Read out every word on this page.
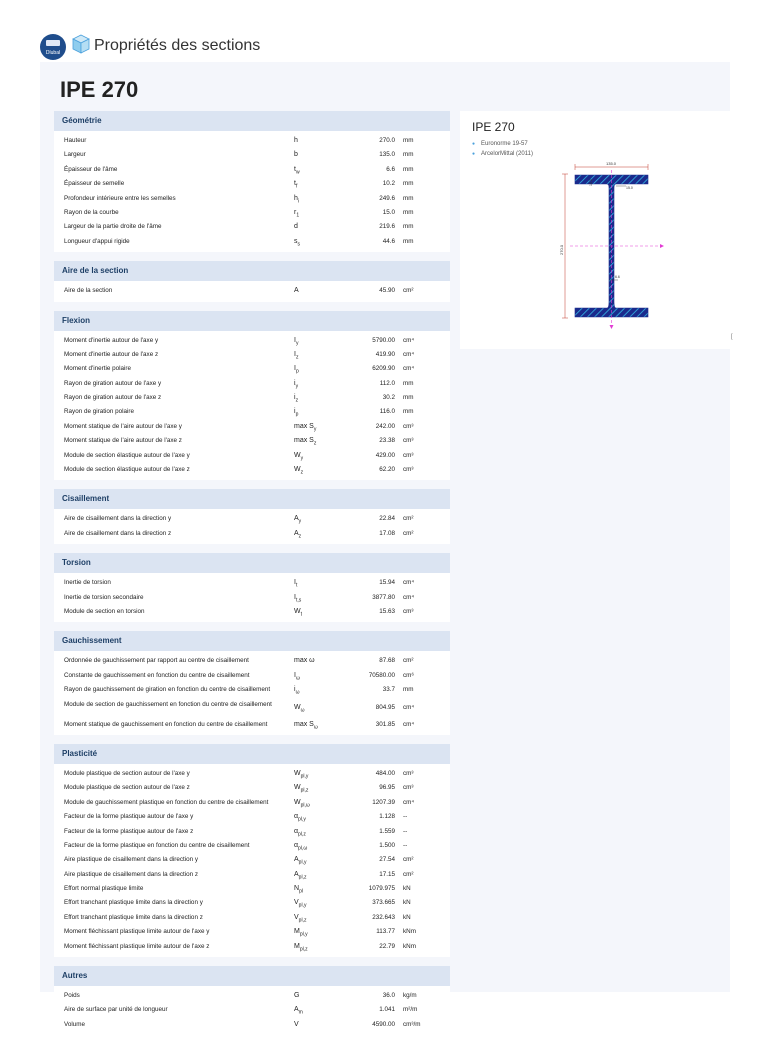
Dlubal	Propriétés des sections
IPE 270
Géométrie
Hauteur	h	270.0 mm
Largeur	b	135.0 mm
Épaisseur de l'âme	$t_w$	6.6 mm
Épaisseur de semelle	$t_f$	10.2 mm
Profondeur intérieure entre les semelles	$h_i$	249.6 mm
Rayon de la courbe	$r_1$	15.0 mm
Largeur de la partie droite de l'âme	d	219.6 mm
Longueur d'appui rigide	$s_s$	44.6 mm
Aire de la section
Aire de la section	A	45.90 cm²
Flexion
Moment d'inertie autour de l'axe y	$I_y$	5790.00 cm⁴
Moment d'inertie autour de l'axe z	$I_z$	419.90 cm⁴
Moment d'inertie polaire	$I_p$	6209.90 cm⁴
Rayon de giration autour de l'axe y	$i_y$	112.0 mm
Rayon de giration autour de l'axe z	$i_z$	30.2 mm
Rayon de giration polaire	$i_p$	116.0 mm
Moment statique de l'aire autour de l'axe y	$\max S_y$	242.00 cm³
Moment statique de l'aire autour de l'axe z	$\max S_z$	23.38 cm³
Module de section élastique autour de l'axe y	$W_y$	429.00 cm³
Module de section élastique autour de l'axe z	$W_z$	62.20 cm³
Cisaillement
Aire de cisaillement dans la direction y	$A_y$	22.84 cm²
Aire de cisaillement dans la direction z	$A_z$	17.08 cm²
Torsion
Inertie de torsion	$I_t$	15.94 cm⁴
Inertie de torsion secondaire	$I_{t,s}$	3877.80 cm⁴
Module de section en torsion	$W_t$	15.63 cm³
Gauchissement
Ordonnée de gauchissement par rapport au centre de cisaillement	max ω	87.68 cm²
Constante de gauchissement en fonction du centre de cisaillement	$I_\omega$	70580.00 cm⁶
Rayon de gauchissement de giration en fonction du centre de cisaillement	$i_\omega$	33.7 mm
Module de section de gauchissement en fonction du centre de cisaillement	$W_\omega$	804.95 cm⁴
Moment statique de gauchissement en fonction du centre de cisaillement	$\max S_\omega$	301.85 cm⁴
Plasticité
Module plastique de section autour de l'axe y	$W_{pl,y}$	484.00 cm³
Module plastique de section autour de l'axe z	$W_{pl,z}$	96.95 cm³
Module de gauchissement plastique en fonction du centre de cisaillement	$W_{pl,\omega}$	1207.39 cm⁴
Facteur de la forme plastique autour de l'axe y	$\alpha_{pl,y}$	1.128 --
Facteur de la forme plastique autour de l'axe z	$\alpha_{pl,z}$	1.559 --
Facteur de la forme plastique en fonction du centre de cisaillement	$\alpha_{pl,\omega}$	1.500 --
Aire plastique de cisaillement dans la direction y	$A_{pl,y}$	27.54 cm²
Aire plastique de cisaillement dans la direction z	$A_{pl,z}$	17.15 cm²
Effort normal plastique limite	$N_{pl}$	1079.975 kN
Effort tranchant plastique limite dans la direction y	$V_{pl,y}$	373.665 kN
Effort tranchant plastique limite dans la direction z	$V_{pl,z}$	232.643 kN
Moment fléchissant plastique limite autour de l'axe y	$M_{pl,y}$	113.77 kNm
Moment fléchissant plastique limite autour de l'axe z	$M_{pl,z}$	22.79 kNm
Autres
Poids	G	36.0 kg/m
Aire de surface par unité de longueur	$A_m$	1.041 m²/m
Volume	V	4590.00 cm³/m
IPE 270
● Euronorme 19-57
● ArcelorMittal (2011)
135.0
270.0
15.0
10.2
6.6
[
